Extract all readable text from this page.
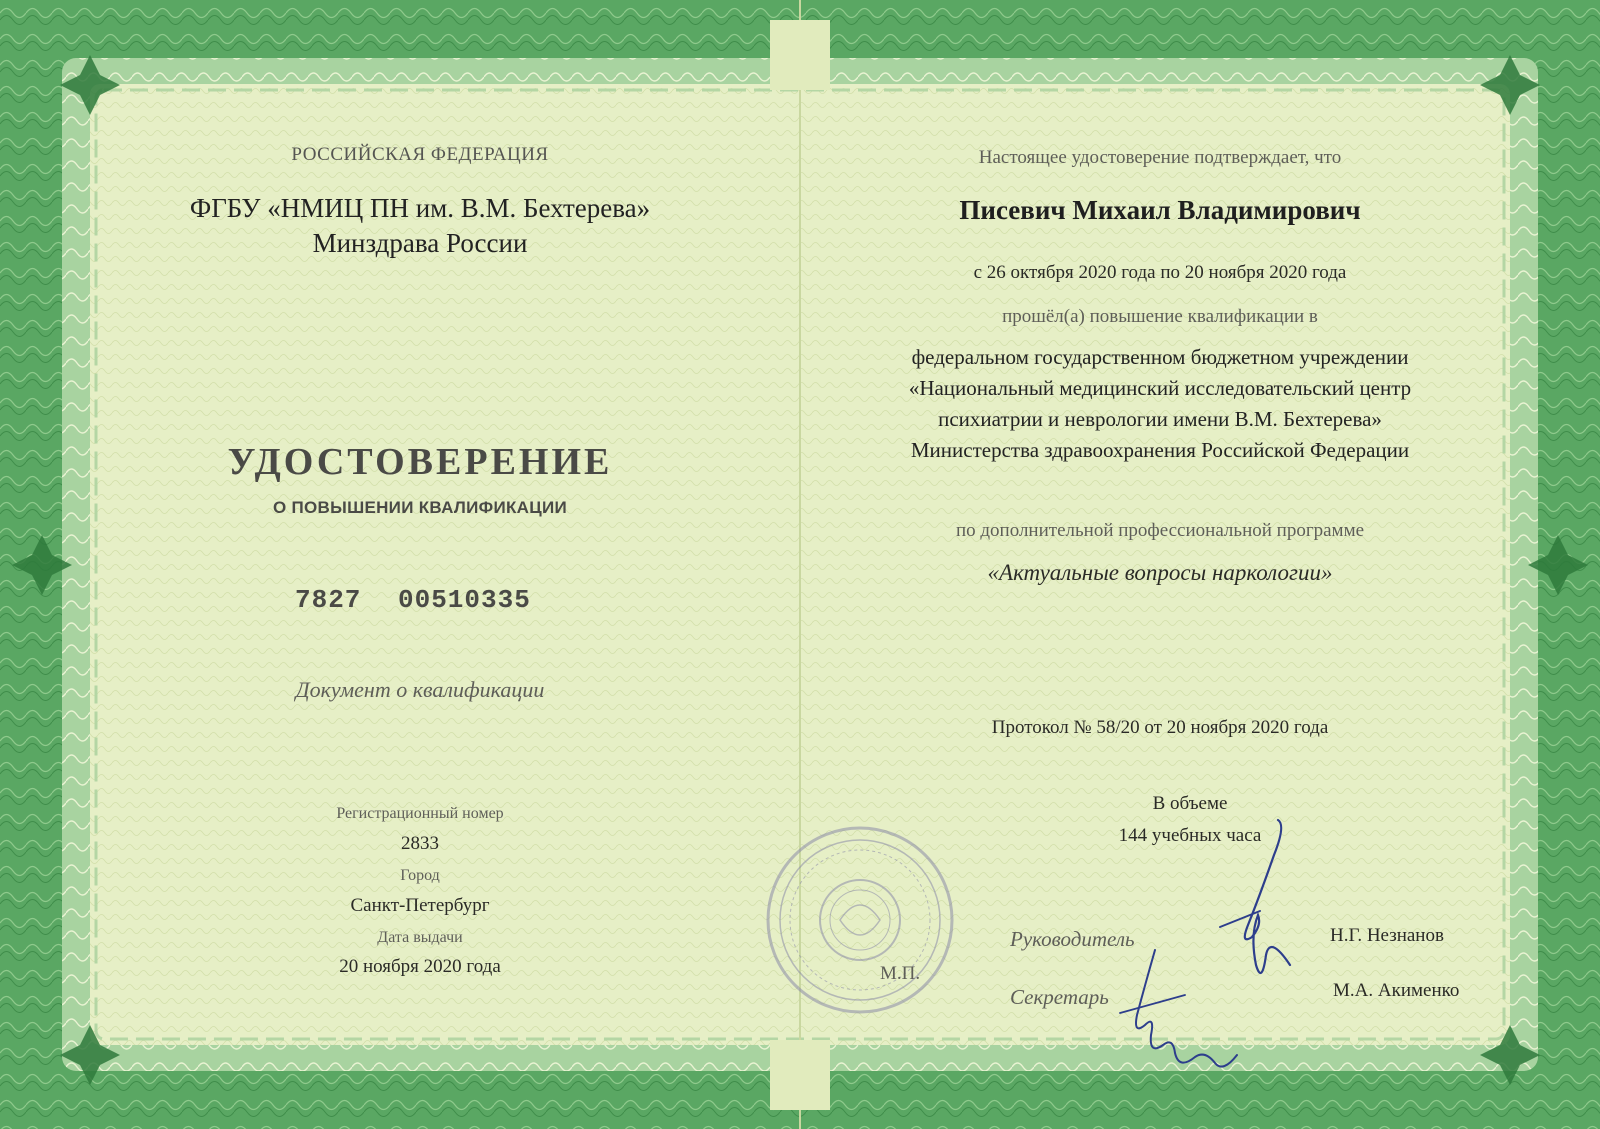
РОССИЙСКАЯ ФЕДЕРАЦИЯ
ФГБУ «НМИЦ ПН им. В.М. Бехтерева»
Минздрава России
УДОСТОВЕРЕНИЕ
О ПОВЫШЕНИИ КВАЛИФИКАЦИИ
7827 00510335
Документ о квалификации
Регистрационный номер
2833
Город
Санкт-Петербург
Дата выдачи
20 ноября 2020 года
Настоящее удостоверение подтверждает, что
Писевич Михаил Владимирович
с 26 октября 2020 года по 20 ноября 2020 года
прошёл(а) повышение квалификации в
федеральном государственном бюджетном учреждении
«Национальный медицинский исследовательский центр
психиатрии и неврологии имени В.М. Бехтерева»
Министерства здравоохранения Российской Федерации
по дополнительной профессиональной программе
«Актуальные вопросы наркологии»
Протокол № 58/20 от 20 ноября 2020 года
В объеме
144 учебных часа
М.П.
Руководитель	Н.Г. Незнанов
Секретарь	М.А. Акименко
